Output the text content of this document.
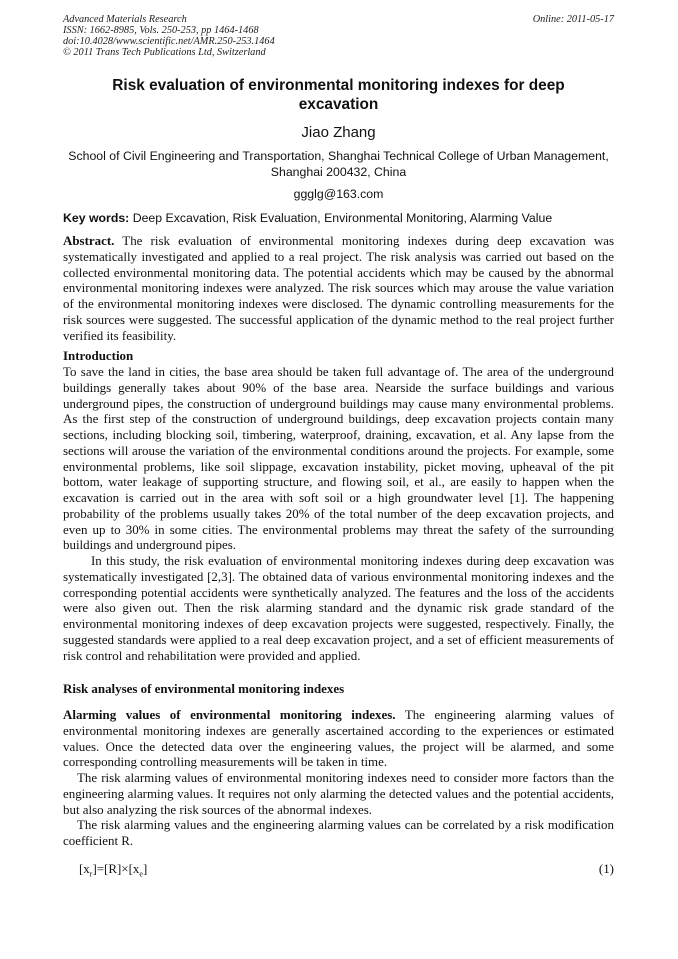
Advanced Materials Research	Online: 2011-05-17
ISSN: 1662-8985, Vols. 250-253, pp 1464-1468
doi:10.4028/www.scientific.net/AMR.250-253.1464
© 2011 Trans Tech Publications Ltd, Switzerland
Risk evaluation of environmental monitoring indexes for deep excavation
Jiao Zhang
School of Civil Engineering and Transportation, Shanghai Technical College of Urban Management, Shanghai 200432, China
ggglg@163.com
Key words: Deep Excavation, Risk Evaluation, Environmental Monitoring, Alarming Value
Abstract. The risk evaluation of environmental monitoring indexes during deep excavation was systematically investigated and applied to a real project. The risk analysis was carried out based on the collected environmental monitoring data. The potential accidents which may be caused by the abnormal environmental monitoring indexes were analyzed. The risk sources which may arouse the value variation of the environmental monitoring indexes were disclosed. The dynamic controlling measurements for the risk sources were suggested. The successful application of the dynamic method to the real project further verified its feasibility.
Introduction
To save the land in cities, the base area should be taken full advantage of. The area of the underground buildings generally takes about 90% of the base area. Nearside the surface buildings and various underground pipes, the construction of underground buildings may cause many environmental problems. As the first step of the construction of underground buildings, deep excavation projects contain many sections, including blocking soil, timbering, waterproof, draining, excavation, et al. Any lapse from the sections will arouse the variation of the environmental conditions around the projects. For example, some environmental problems, like soil slippage, excavation instability, picket moving, upheaval of the pit bottom, water leakage of supporting structure, and flowing soil, et al., are easily to happen when the excavation is carried out in the area with soft soil or a high groundwater level [1]. The happening probability of the problems usually takes 20% of the total number of the deep excavation projects, and even up to 30% in some cities. The environmental problems may threat the safety of the surrounding buildings and underground pipes.
In this study, the risk evaluation of environmental monitoring indexes during deep excavation was systematically investigated [2,3]. The obtained data of various environmental monitoring indexes and the corresponding potential accidents were synthetically analyzed. The features and the loss of the accidents were also given out. Then the risk alarming standard and the dynamic risk grade standard of the environmental monitoring indexes of deep excavation projects were suggested, respectively. Finally, the suggested standards were applied to a real deep excavation project, and a set of efficient measurements of risk control and rehabilitation were provided and applied.
Risk analyses of environmental monitoring indexes
Alarming values of environmental monitoring indexes. The engineering alarming values of environmental monitoring indexes are generally ascertained according to the experiences or estimated values. Once the detected data over the engineering values, the project will be alarmed, and some corresponding controlling measurements will be taken in time.
The risk alarming values of environmental monitoring indexes need to consider more factors than the engineering alarming values. It requires not only alarming the detected values and the potential accidents, but also analyzing the risk sources of the abnormal indexes.
The risk alarming values and the engineering alarming values can be correlated by a risk modification coefficient R.
$[x_r]=[R]\times[x_e]$	(1)
